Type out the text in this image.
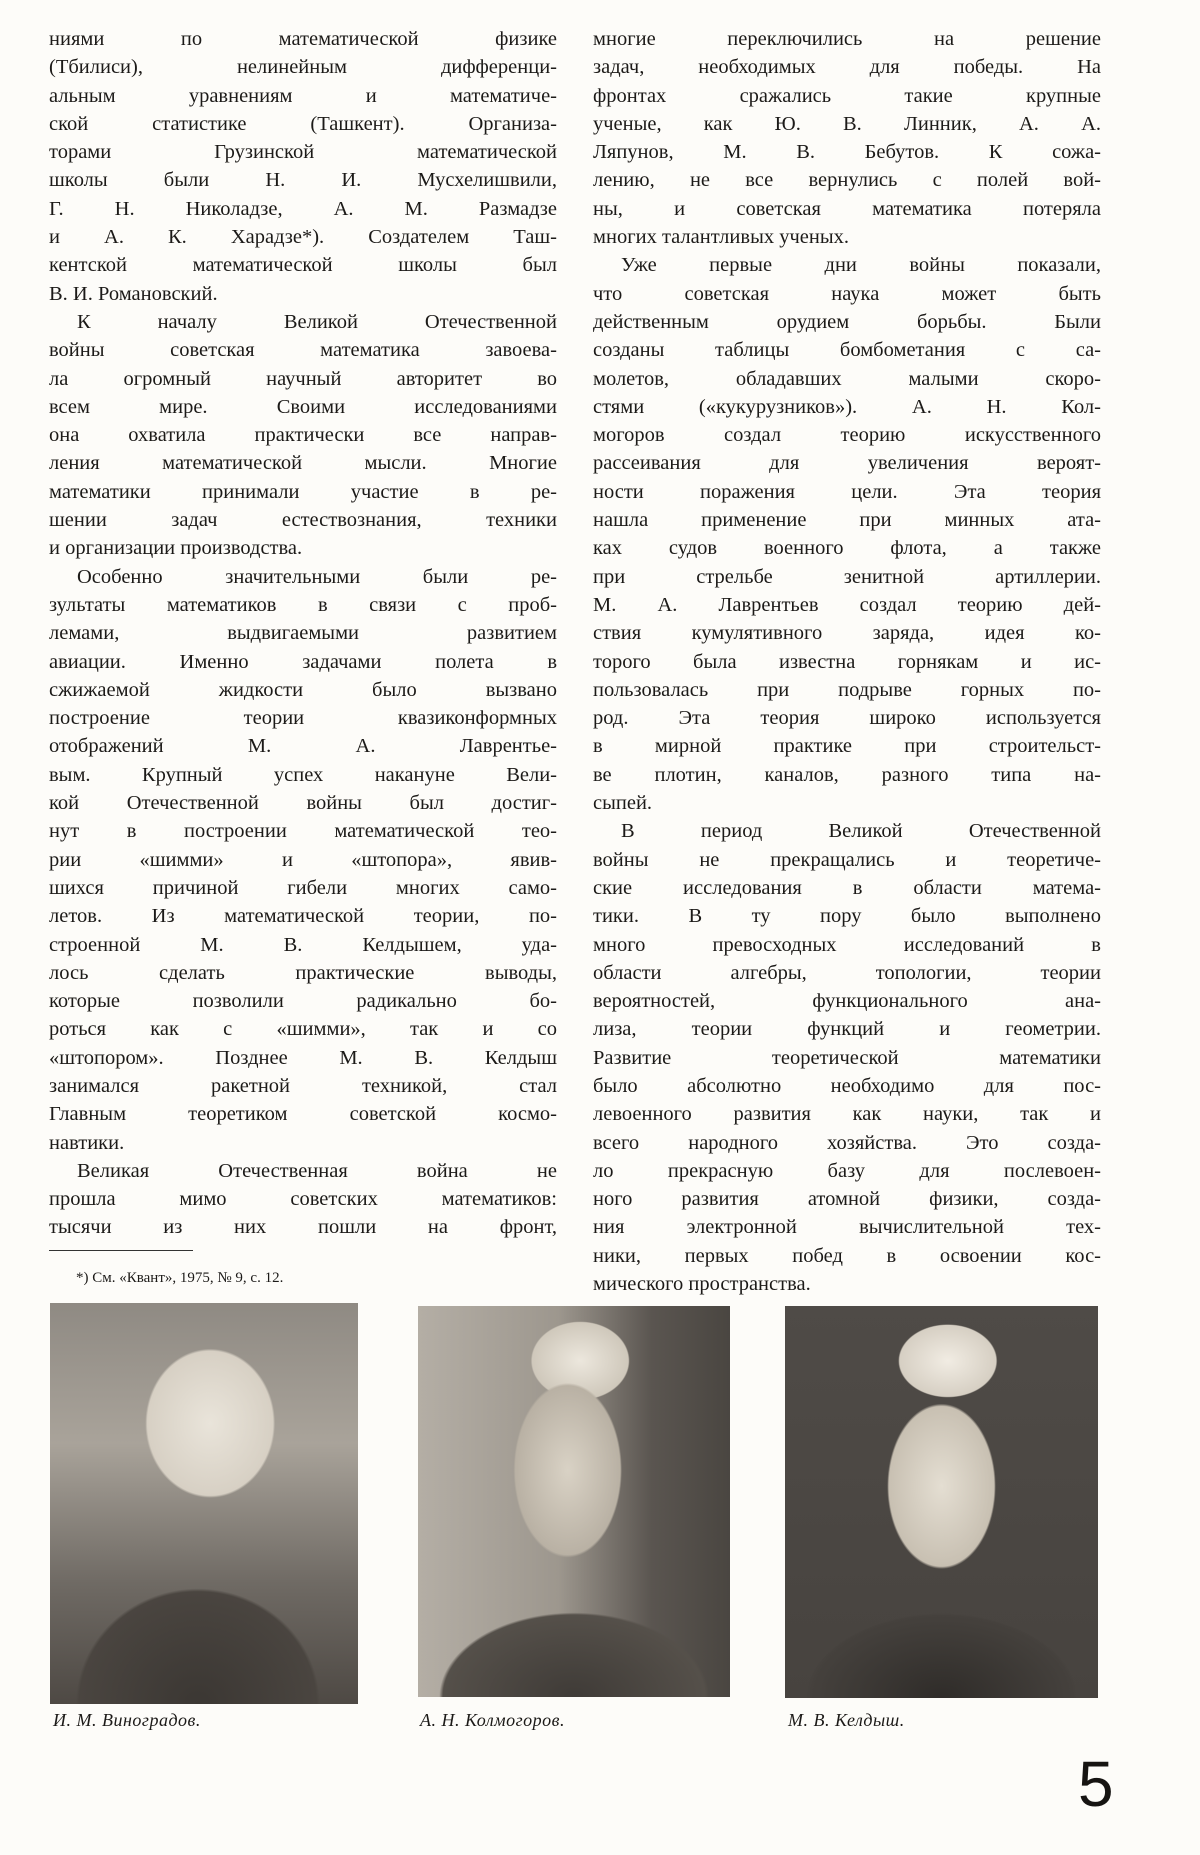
ниями по математической физике
(Тбилиси), нелинейным дифференци-
альным уравнениям и математиче-
ской статистике (Ташкент). Организа-
торами Грузинской математической
школы были Н. И. Мусхелишвили,
Г. Н. Николадзе, А. М. Размадзе
и А. К. Харадзе*). Создателем Таш-
кентской математической школы был
В. И. Романовский.
К началу Великой Отечественной
войны советская математика завоева-
ла огромный научный авторитет во
всем мире. Своими исследованиями
она охватила практически все направ-
ления математической мысли. Многие
математики принимали участие в ре-
шении задач естествознания, техники
и организации производства.
Особенно значительными были ре-
зультаты математиков в связи с проб-
лемами, выдвигаемыми развитием
авиации. Именно задачами полета в
сжижаемой жидкости было вызвано
построение теории квазиконформных
отображений М. А. Лаврентье-
вым. Крупный успех накануне Вели-
кой Отечественной войны был достиг-
нут в построении математической тео-
рии «шимми» и «штопора», явив-
шихся причиной гибели многих само-
летов. Из математической теории, по-
строенной М. В. Келдышем, уда-
лось сделать практические выводы,
которые позволили радикально бо-
роться как с «шимми», так и со
«штопором». Позднее М. В. Келдыш
занимался ракетной техникой, стал
Главным теоретиком советской космо-
навтики.
Великая Отечественная война не
прошла мимо советских математиков:
тысячи из них пошли на фронт,
многие переключились на решение
задач, необходимых для победы. На
фронтах сражались такие крупные
ученые, как Ю. В. Линник, А. А.
Ляпунов, М. В. Бебутов. К сожа-
лению, не все вернулись с полей вой-
ны, и советская математика потеряла
многих талантливых ученых.
Уже первые дни войны показали,
что советская наука может быть
действенным орудием борьбы. Были
созданы таблицы бомбометания с са-
молетов, обладавших малыми скоро-
стями («кукурузников»). А. Н. Кол-
могоров создал теорию искусственного
рассеивания для увеличения вероят-
ности поражения цели. Эта теория
нашла применение при минных ата-
ках судов военного флота, а также
при стрельбе зенитной артиллерии.
М. А. Лаврентьев создал теорию дей-
ствия кумулятивного заряда, идея ко-
торого была известна горнякам и ис-
пользовалась при подрыве горных по-
род. Эта теория широко используется
в мирной практике при строительст-
ве плотин, каналов, разного типа на-
сыпей.
В период Великой Отечественной
войны не прекращались и теоретиче-
ские исследования в области матема-
тики. В ту пору было выполнено
много превосходных исследований в
области алгебры, топологии, теории
вероятностей, функционального ана-
лиза, теории функций и геометрии.
Развитие теоретической математики
было абсолютно необходимо для пос-
левоенного развития как науки, так и
всего народного хозяйства. Это созда-
ло прекрасную базу для послевоен-
ного развития атомной физики, созда-
ния электронной вычислительной тех-
ники, первых побед в освоении кос-
мического пространства.
*) См. «Квант», 1975, № 9, с. 12.
И. М. Виноградов.	А. Н. Колмогоров.	М. В. Келдыш.
5
